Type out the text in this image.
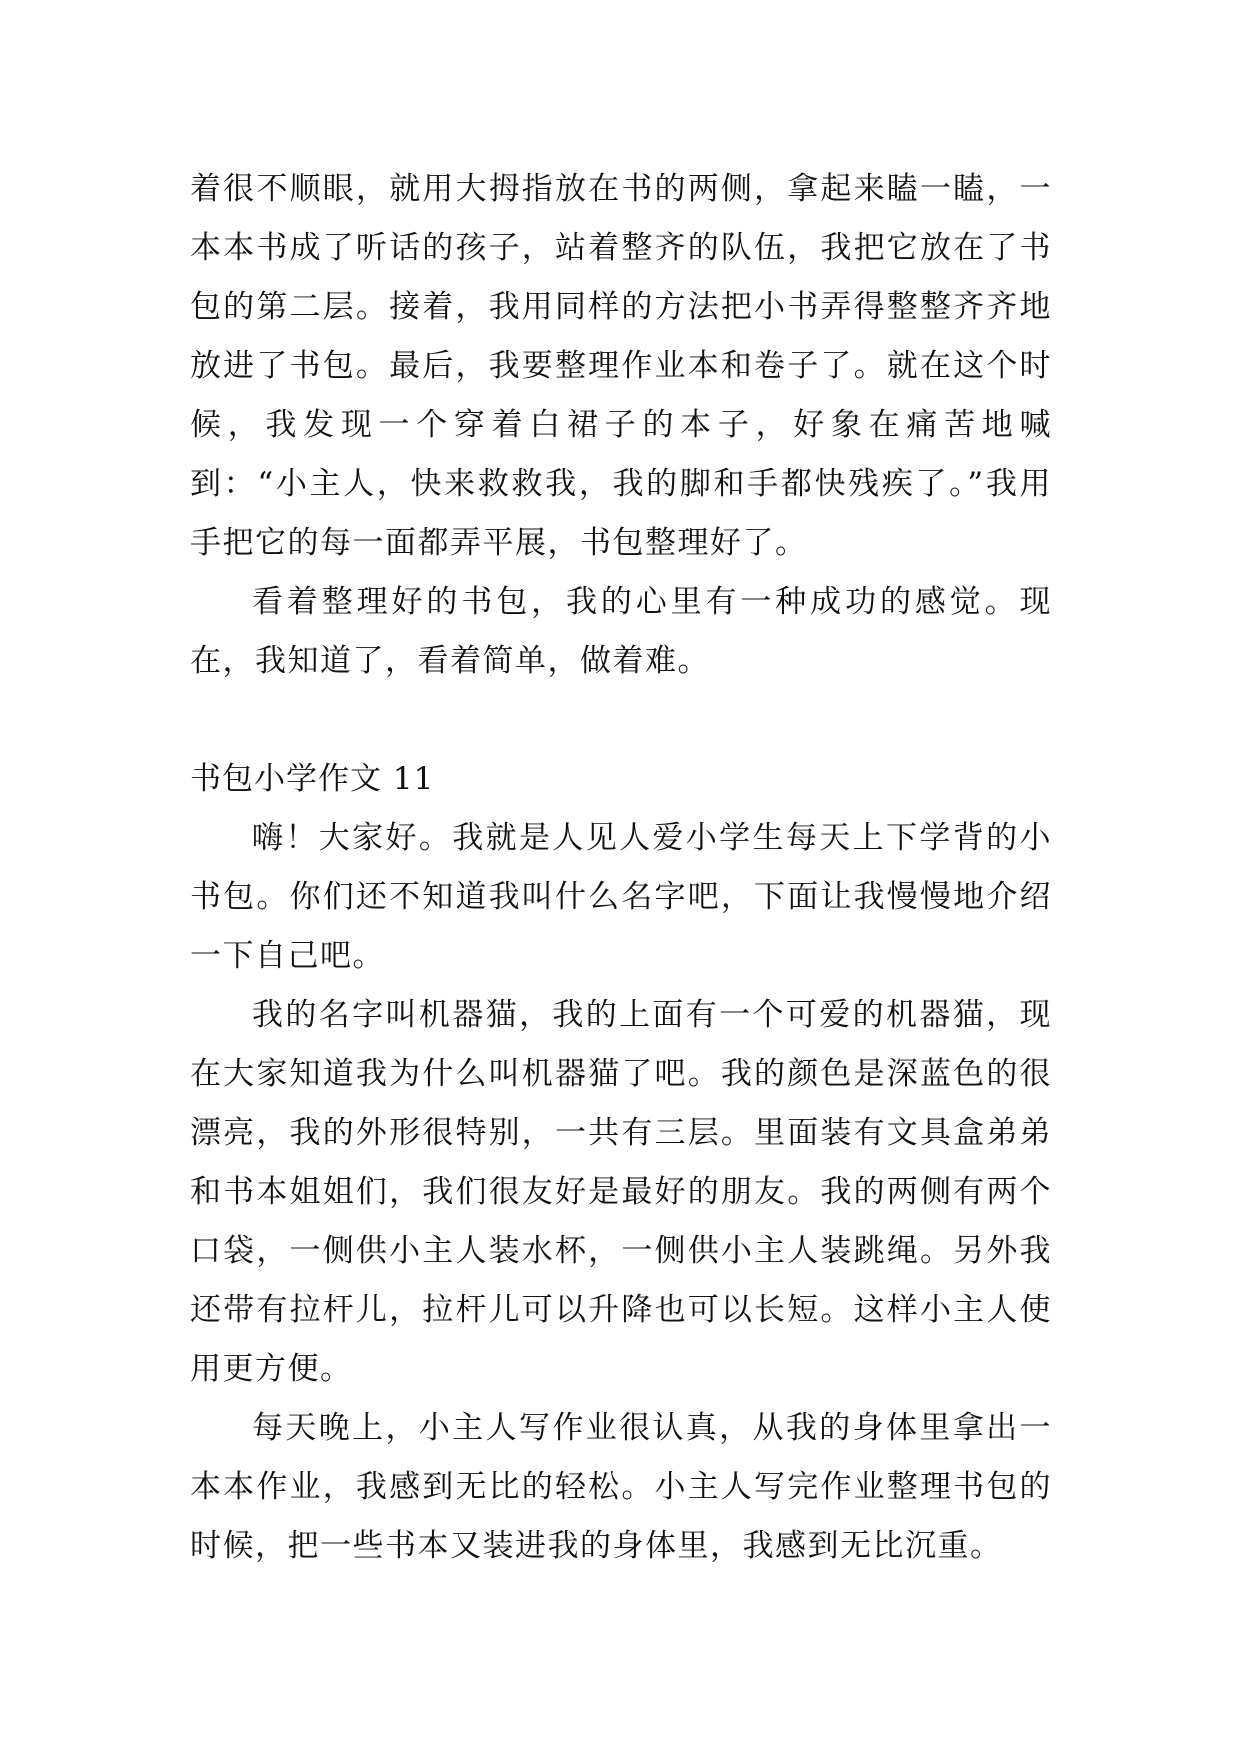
着很不顺眼，就用大拇指放在书的两侧，拿起来瞌一瞌，一本本书成了听话的孩子，站着整齐的队伍，我把它放在了书包的第二层。接着，我用同样的方法把小书弄得整整齐齐地放进了书包。最后，我要整理作业本和卷子了。就在这个时候，我发现一个穿着白裙子的本子，好象在痛苦地喊到：“小主人，快来救救我，我的脚和手都快残疾了。”我用手把它的每一面都弄平展，书包整理好了。

看着整理好的书包，我的心里有一种成功的感觉。现在，我知道了，看着简单，做着难。

书包小学作文 11

嗨！大家好。我就是人见人爱小学生每天上下学背的小书包。你们还不知道我叫什么名字吧，下面让我慢慢地介绍一下自己吧。

我的名字叫机器猫，我的上面有一个可爱的机器猫，现在大家知道我为什么叫机器猫了吧。我的颜色是深蓝色的很漂亮，我的外形很特别，一共有三层。里面装有文具盒弟弟和书本姐姐们，我们很友好是最好的朋友。我的两侧有两个口袋，一侧供小主人装水杯，一侧供小主人装跳绳。另外我还带有拉杆儿，拉杆儿可以升降也可以长短。这样小主人使用更方便。

每天晚上，小主人写作业很认真，从我的身体里拿出一本本作业，我感到无比的轻松。小主人写完作业整理书包的时候，把一些书本又装进我的身体里，我感到无比沉重。
